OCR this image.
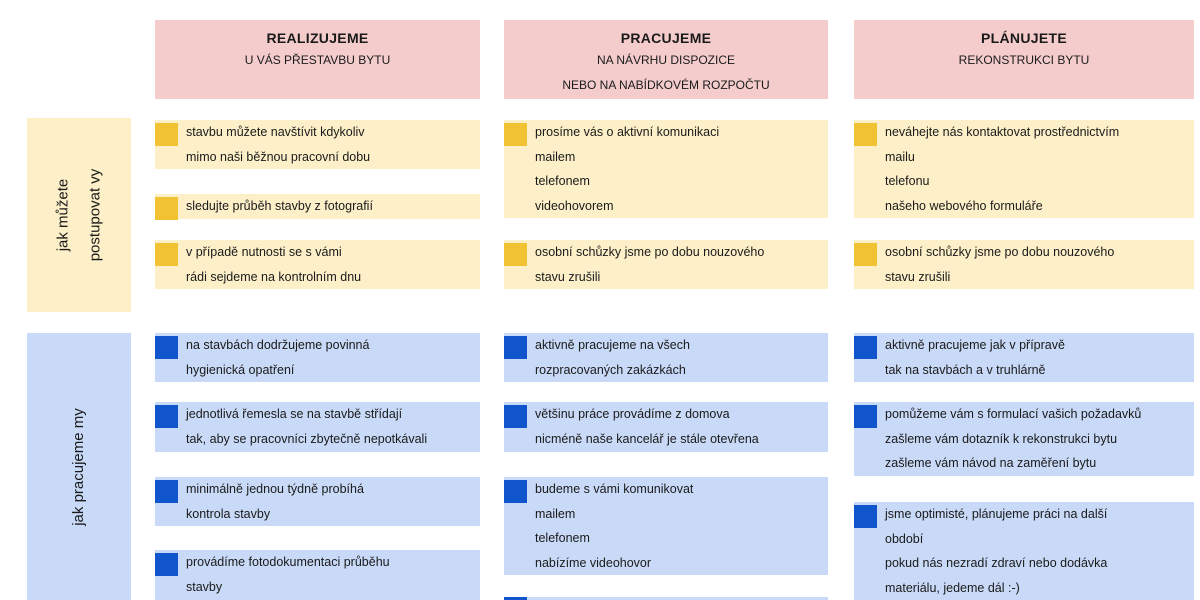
REALIZUJEME
U VÁS PŘESTAVBU BYTU
PRACUJEME
NA NÁVRHU DISPOZICE
NEBO NA NABÍDKOVÉM ROZPOČTU
PLÁNUJETE
REKONSTRUKCI BYTU
jak můžete	postupovat vy
jak pracujeme my
stavbu můžete navštívit kdykoliv
mimo naši běžnou pracovní dobu
sledujte průběh stavby z fotografií
v případě nutnosti se s vámi
rádi sejdeme na kontrolním dnu
prosíme vás o aktivní komunikaci
mailem
telefonem
videohovorem
osobní schůzky jsme po dobu nouzového
stavu zrušili
neváhejte nás kontaktovat prostřednictvím
mailu
telefonu
našeho webového formuláře
osobní schůzky jsme po dobu nouzového
stavu zrušili
na stavbách dodržujeme povinná
hygienická opatření
jednotlivá řemesla se na stavbě střídají
tak, aby se pracovníci zbytečně nepotkávali
minimálně jednou týdně probíhá
kontrola stavby
provádíme fotodokumentaci průběhu
stavby
aktivně pracujeme na všech
rozpracovaných zakázkách
většinu práce provádíme z domova
nicméně naše kancelář je stále otevřena
budeme s vámi komunikovat
mailem
telefonem
nabízíme videohovor
aktivně pracujeme jak v přípravě
tak na stavbách a v truhlárně
pomůžeme vám s formulací vašich požadavků
zašleme vám dotazník k rekonstrukci bytu
zašleme vám návod na zaměření bytu
jsme optimisté, plánujeme práci na další
období
pokud nás nezradí zdraví nebo dodávka
materiálu, jedeme dál :-)
